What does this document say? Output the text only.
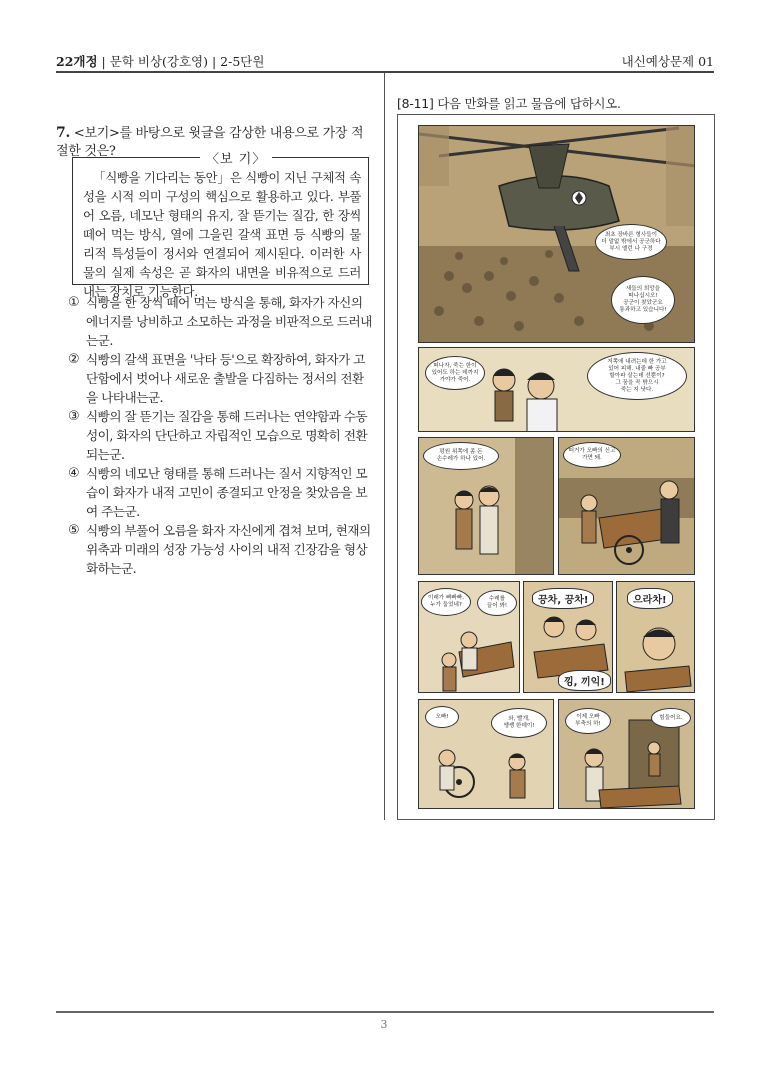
22개정 | 문학 비상(강호영) | 2-5단원	내신예상문제 01
7. <보기>를 바탕으로 윗글을 감상한 내용으로 가장 적절한 것은?
〈보 기〉

「식빵을 기다리는 동안」은 식빵이 지닌 구체적 속성을 시적 의미 구성의 핵심으로 활용하고 있다. 부풀어 오름, 네모난 형태의 유지, 잘 뜯기는 질감, 한 장씩 떼어 먹는 방식, 열에 그을린 갈색 표면 등 식빵의 물리적 특성들이 정서와 연결되어 제시된다. 이러한 사물의 실제 속성은 곧 화자의 내면을 비유적으로 드러내는 장치로 기능한다.

① 식빵을 한 장씩 떼어 먹는 방식을 통해, 화자가 자신의 에너지를 낭비하고 소모하는 과정을 비판적으로 드러내는군.
② 식빵의 갈색 표면을 '낙타 등'으로 확장하여, 화자가 고단함에서 벗어나 새로운 출발을 다짐하는 정서의 전환을 나타내는군.
③ 식빵의 잘 뜯기는 질감을 통해 드러나는 연약함과 수동성이, 화자의 단단하고 자립적인 모습으로 명확히 전환되는군.
④ 식빵의 네모난 형태를 통해 드러나는 질서 지향적인 모습이 화자가 내적 고민이 종결되고 안정을 찾았음을 보여 주는군.
⑤ 식빵의 부풀어 오름을 화자 자신에게 겹쳐 보며, 현재의 위축과 미래의 성장 가능성 사이의 내적 긴장감을 형상화하는군.
[8-11] 다음 만화를 읽고 물음에 답하시오.
최초 장바른 형사들이
더 말없 밖에서 공군하다
부시 앨런 나 구경
새들의 희망을
떠나십시오!
공군이 찾았군요
통과하고 있습니다!
떠나자, 죽는 한이
있어도 하는 데까지
가야가 죽어.
저쪽에 내려는데 한 가고
있어 피해. 내줄 빠 공부
할아파 살는데 선뿐이?
그 꿈을 꼭 밖으시
죽는 지 낫다.
펑원 위쪽에 좀 돈
손수레가 하나 있어.
떠거가 오빠의 신고
가면 돼.
이래가 뻐빠빠,
누가 둡었네?
수레를
끌어 봐!	끙차, 끙차!
낑, 끼익!
으라차!
오빠!	와, 빨개,
쌩쌩 한데이!
이제 오빠
부축의 하!
힘들어요.
3
